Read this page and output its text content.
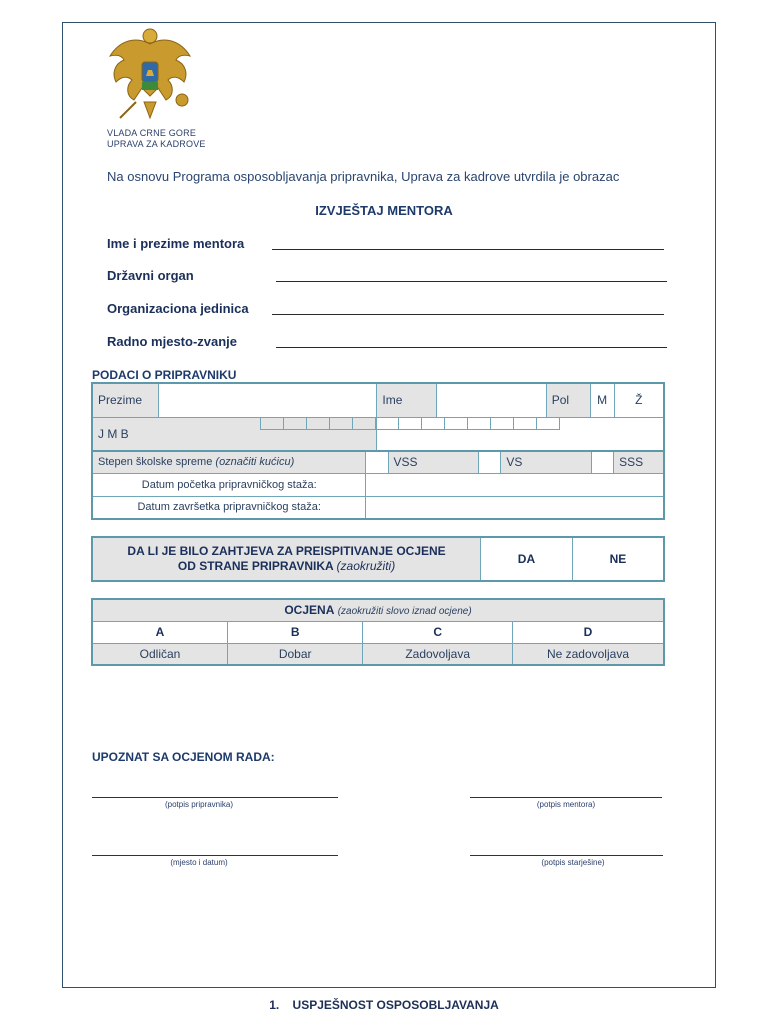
VLADA CRNE GORE
UPRAVA ZA KADROVE
Na osnovu Programa osposobljavanja pripravnika, Uprava za kadrove utvrdila je obrazac
IZVJEŠTAJ MENTORA
Ime i prezime mentora
Državni organ
Organizaciona jedinica
Radno mjesto-zvanje
PODACI O PRIPRAVNIKU
Prezime		Ime		Pol	M	Ž
J M B						
Stepen školske spreme (označiti kućicu)		VSS		VS		SSS
Datum početka pripravničkog staža:						
Datum završetka pripravničkog staža:						
DA LI JE BILO ZAHTJEVA ZA PREISPITIVANJE OCJENE
OD STRANE PRIPRAVNIKA (zaokružiti)	DA	NE
OCJENA (zaokružiti slovo iznad ocjene)			
A	B	C	D
Odličan	Dobar	Zadovoljava	Ne zadovoljava
UPOZNAT SA OCJENOM RADA:
(potpis pripravnika)	(potpis mentora)
(mjesto i datum)	(potpis starješine)
1.    USPJEŠNOST OSPOSOBLJAVANJA
